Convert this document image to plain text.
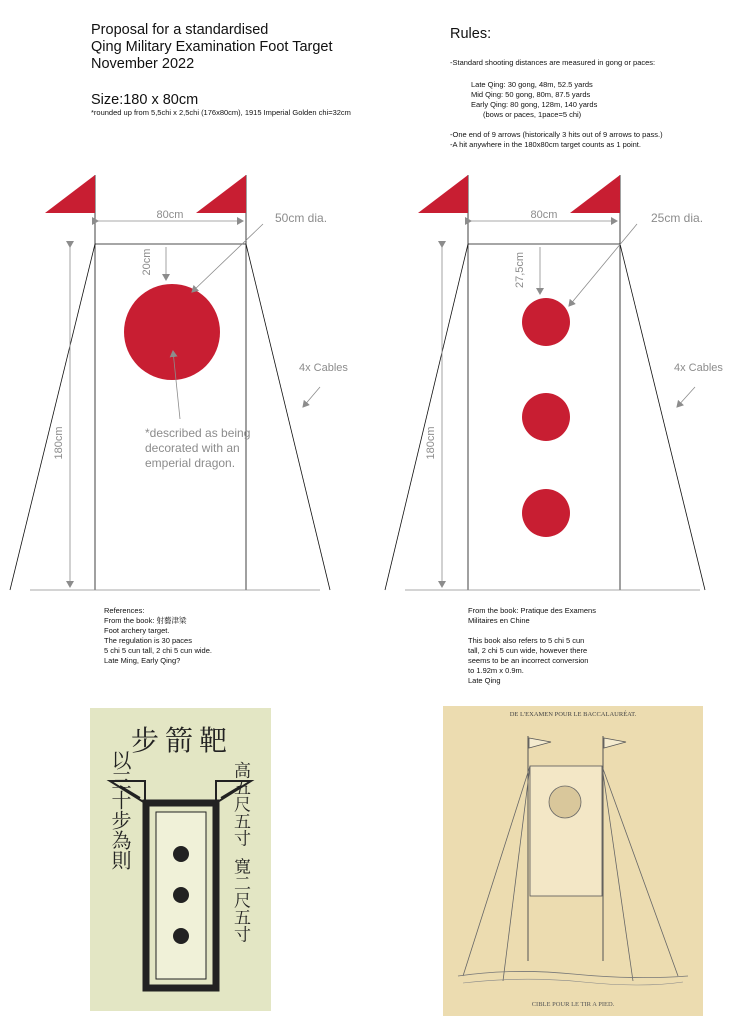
Proposal for a standardised
Qing Military Examination Foot Target
November 2022
Size:180 x 80cm
*rounded up from 5,5chi x 2,5chi (176x80cm), 1915 Imperial Golden chi=32cm
Rules:
-Standard shooting distances are measured in gong or paces:
Late Qing: 30 gong, 48m, 52.5 yards
Mid Qing: 50 gong, 80m, 87.5 yards
Early Qing: 80 gong, 128m, 140 yards
(bows or paces, 1pace=5 chi)
-One end of 9 arrows (historically 3 hits out of 9 arrows to pass.)
-A hit anywhere in the 180x80cm target counts as 1 point.
80cm
20cm
50cm dia.
*described as being
decorated with an
emperial dragon.
180cm
4x Cables
80cm
27,5cm
25cm dia.
180cm
4x Cables
References:
From the book: 射藝津梁
Foot archery target.
The regulation is 30 paces
5 chi 5 cun tall, 2 chi 5 cun wide.
Late Ming, Early Qing?
From the book: Pratique des Examens
Militaires en Chine
This book also refers to 5 chi 5 cun
tall, 2 chi 5 cun wide, however there
seems to be an incorrect conversion
to 1.92m x 0.9m.
Late Qing
步箭靶
以三十步為則	高五尺五寸
寛二尺五寸
DE L'EXAMEN POUR LE BACCALAURÉAT.
CIBLE POUR LE TIR A PIED.
